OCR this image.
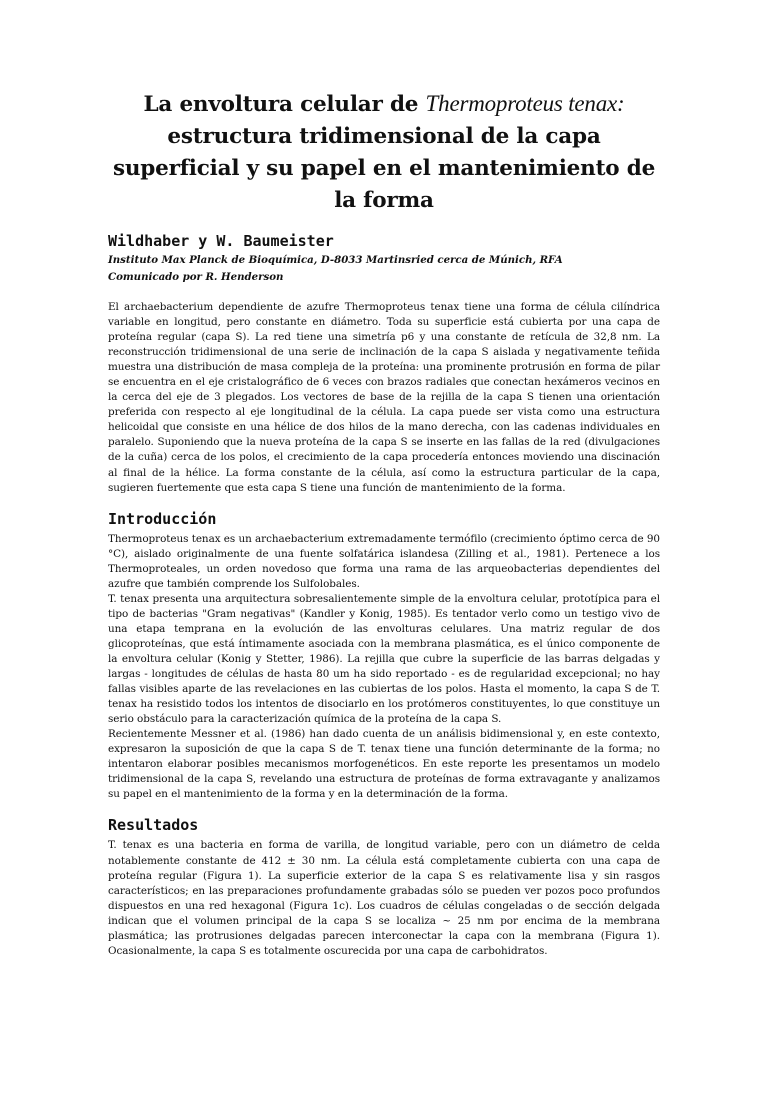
La envoltura celular de Thermoproteus tenax: estructura tridimensional de la capa superficial y su papel en el mantenimiento de la forma
Wildhaber y W. Baumeister
Instituto Max Planck de Bioquímica, D-8033 Martinsried cerca de Múnich, RFA
Comunicado por R. Henderson

El archaebacterium dependiente de azufre Thermoproteus tenax tiene una forma de célula cilíndrica variable en longitud, pero constante en diámetro. Toda su superficie está cubierta por una capa de proteína regular (capa S). La red tiene una simetría p6 y una constante de retícula de 32,8 nm. La reconstrucción tridimensional de una serie de inclinación de la capa S aislada y negativamente teñida muestra una distribución de masa compleja de la proteína: una prominente protrusión en forma de pilar se encuentra en el eje cristalográfico de 6 veces con brazos radiales que conectan hexámeros vecinos en la cerca del eje de 3 plegados. Los vectores de base de la rejilla de la capa S tienen una orientación preferida con respecto al eje longitudinal de la célula. La capa puede ser vista como una estructura helicoidal que consiste en una hélice de dos hilos de la mano derecha, con las cadenas individuales en paralelo. Suponiendo que la nueva proteína de la capa S se inserte en las fallas de la red (divulgaciones de la cuña) cerca de los polos, el crecimiento de la capa procedería entonces moviendo una discinación al final de la hélice. La forma constante de la célula, así como la estructura particular de la capa, sugieren fuertemente que esta capa S tiene una función de mantenimiento de la forma.

Introducción

Thermoproteus tenax es un archaebacterium extremadamente termófilo (crecimiento óptimo cerca de 90 °C), aislado originalmente de una fuente solfatárica islandesa (Zilling et al., 1981). Pertenece a los Thermoproteales, un orden novedoso que forma una rama de las arqueobacterias dependientes del azufre que también comprende los Sulfolobales.

T. tenax presenta una arquitectura sobresalientemente simple de la envoltura celular, prototípica para el tipo de bacterias "Gram negativas" (Kandler y Konig, 1985). Es tentador verlo como un testigo vivo de una etapa temprana en la evolución de las envolturas celulares. Una matriz regular de dos glicoproteínas, que está íntimamente asociada con la membrana plasmática, es el único componente de la envoltura celular (Konig y Stetter, 1986). La rejilla que cubre la superficie de las barras delgadas y largas - longitudes de células de hasta 80 um ha sido reportado - es de regularidad excepcional; no hay fallas visibles aparte de las revelaciones en las cubiertas de los polos. Hasta el momento, la capa S de T. tenax ha resistido todos los intentos de disociarlo en los protómeros constituyentes, lo que constituye un serio obstáculo para la caracterización química de la proteína de la capa S.

Recientemente Messner et al. (1986) han dado cuenta de un análisis bidimensional y, en este contexto, expresaron la suposición de que la capa S de T. tenax tiene una función determinante de la forma; no intentaron elaborar posibles mecanismos morfogenéticos. En este reporte les presentamos un modelo tridimensional de la capa S, revelando una estructura de proteínas de forma extravagante y analizamos su papel en el mantenimiento de la forma y en la determinación de la forma.

Resultados

T. tenax es una bacteria en forma de varilla, de longitud variable, pero con un diámetro de celda notablemente constante de 412 ± 30 nm. La célula está completamente cubierta con una capa de proteína regular (Figura 1). La superficie exterior de la capa S es relativamente lisa y sin rasgos característicos; en las preparaciones profundamente grabadas sólo se pueden ver pozos poco profundos dispuestos en una red hexagonal (Figura 1c). Los cuadros de células congeladas o de sección delgada indican que el volumen principal de la capa S se localiza ~ 25 nm por encima de la membrana plasmática; las protrusiones delgadas parecen interconectar la capa con la membrana (Figura 1). Ocasionalmente, la capa S es totalmente oscurecida por una capa de carbohidratos.
